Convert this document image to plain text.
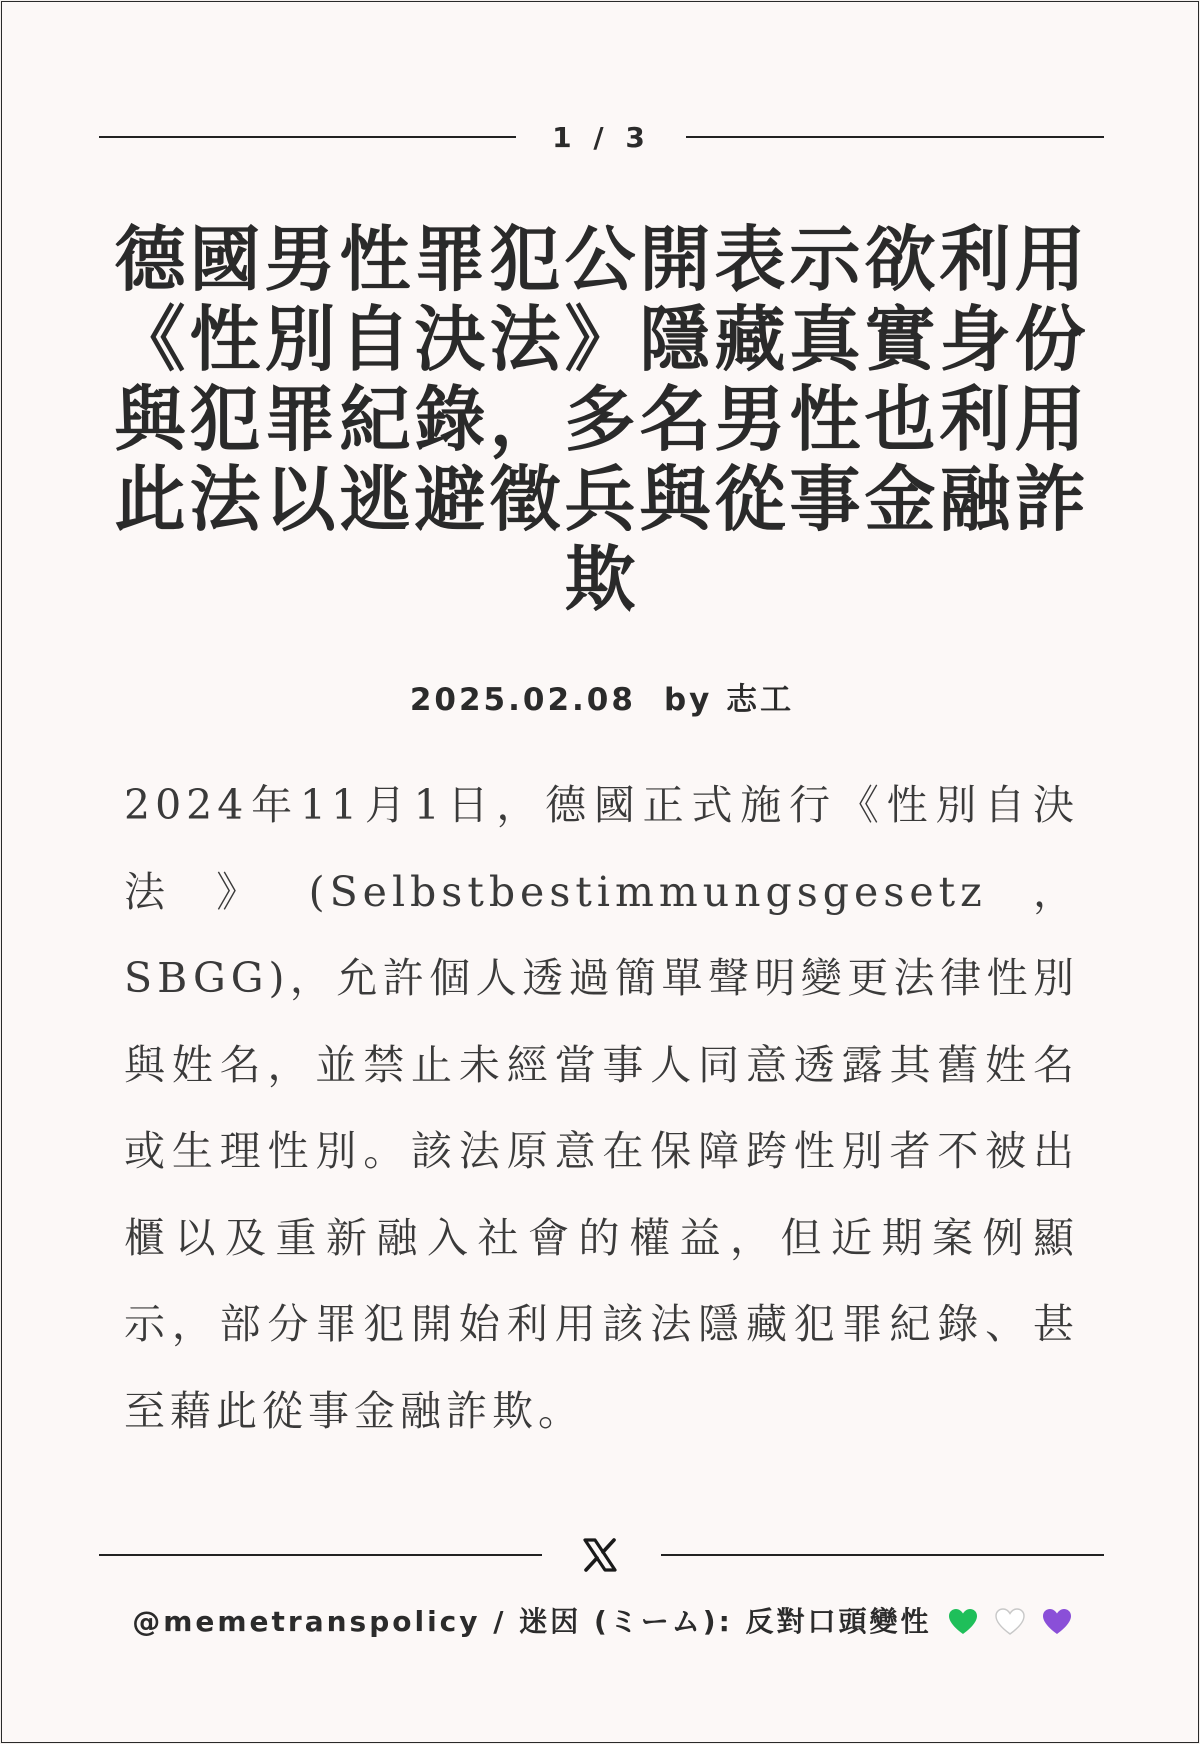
1 / 3
德國男性罪犯公開表示欲利用《性別自決法》隱藏真實身份與犯罪紀錄，多名男性也利用此法以逃避徵兵與從事金融詐欺
2025.02.08 by 志工

2024年11月1日，德國正式施行《性別自決法》(Selbstbestimmungsgesetz，SBGG)，允許個人透過簡單聲明變更法律性別與姓名，並禁止未經當事人同意透露其舊姓名或生理性別。該法原意在保障跨性別者不被出櫃以及重新融入社會的權益，但近期案例顯示，部分罪犯開始利用該法隱藏犯罪紀錄、甚至藉此從事金融詐欺。

@memetranspolicy / 迷因 (ミーム): 反對口頭變性
